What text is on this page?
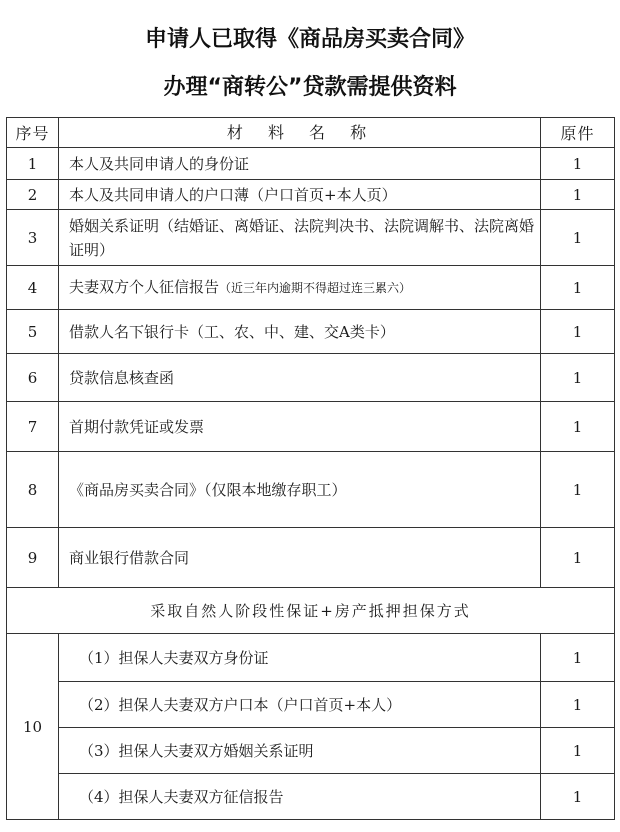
申请人已取得《商品房买卖合同》
办理“商转公”贷款需提供资料
序号	材 料 名 称	原件
1	本人及共同申请人的身份证	1
2	本人及共同申请人的户口薄（户口首页+本人页）	1
3	婚姻关系证明（结婚证、离婚证、法院判决书、法院调解书、法院离婚证明）	1
4	夫妻双方个人征信报告（近三年内逾期不得超过连三累六）	1
5	借款人名下银行卡（工、农、中、建、交A类卡）	1
6	贷款信息核查函	1
7	首期付款凭证或发票	1
8	《商品房买卖合同》（仅限本地缴存职工）	1
9	商业银行借款合同	1
采取自然人阶段性保证+房产抵押担保方式		
10	（1）担保人夫妻双方身份证	1
	（2）担保人夫妻双方户口本（户口首页+本人）	1
	（3）担保人夫妻双方婚姻关系证明	1
	（4）担保人夫妻双方征信报告	1
